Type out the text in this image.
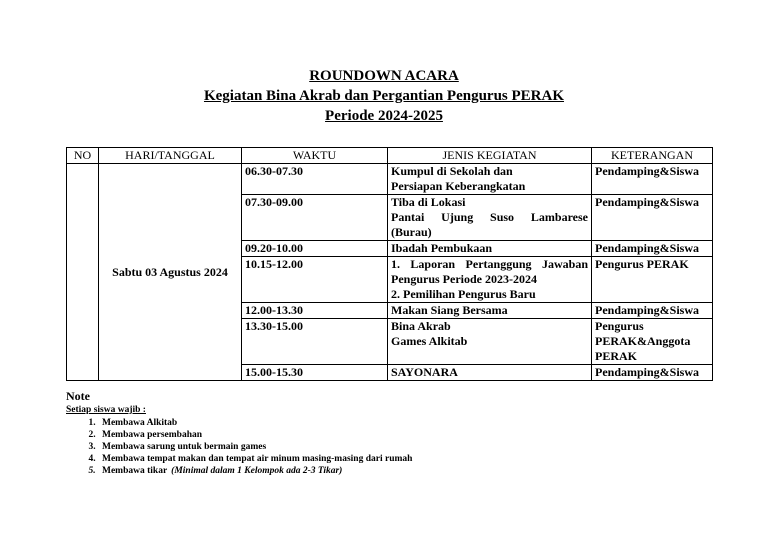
ROUNDOWN ACARA
Kegiatan Bina Akrab dan Pergantian Pengurus PERAK
Periode 2024-2025
NO	HARI/TANGGAL	WAKTU	JENIS KEGIATAN	KETERANGAN
	Sabtu 03 Agustus 2024	06.30-07.30	Kumpul di Sekolah dan
Persiapan Keberangkatan	Pendamping&Siswa
		07.30-09.00	Tiba di Lokasi
Pantai Ujung Suso Lambarese (Burau)	Pendamping&Siswa
		09.20-10.00	Ibadah Pembukaan	Pendamping&Siswa
		10.15-12.00	1. Laporan Pertanggung Jawaban Pengurus Periode 2023-2024
2. Pemilihan Pengurus Baru	Pengurus PERAK
		12.00-13.30	Makan Siang Bersama	Pendamping&Siswa
		13.30-15.00	Bina Akrab
Games Alkitab	Pengurus PERAK&Anggota PERAK
		15.00-15.30	SAYONARA	Pendamping&Siswa
Note
Setiap siswa wajib :
1. Membawa Alkitab
2. Membawa persembahan
3. Membawa sarung untuk bermain games
4. Membawa tempat makan dan tempat air minum masing-masing dari rumah
5. Membawa tikar (Minimal dalam 1 Kelompok ada 2-3 Tikar)
